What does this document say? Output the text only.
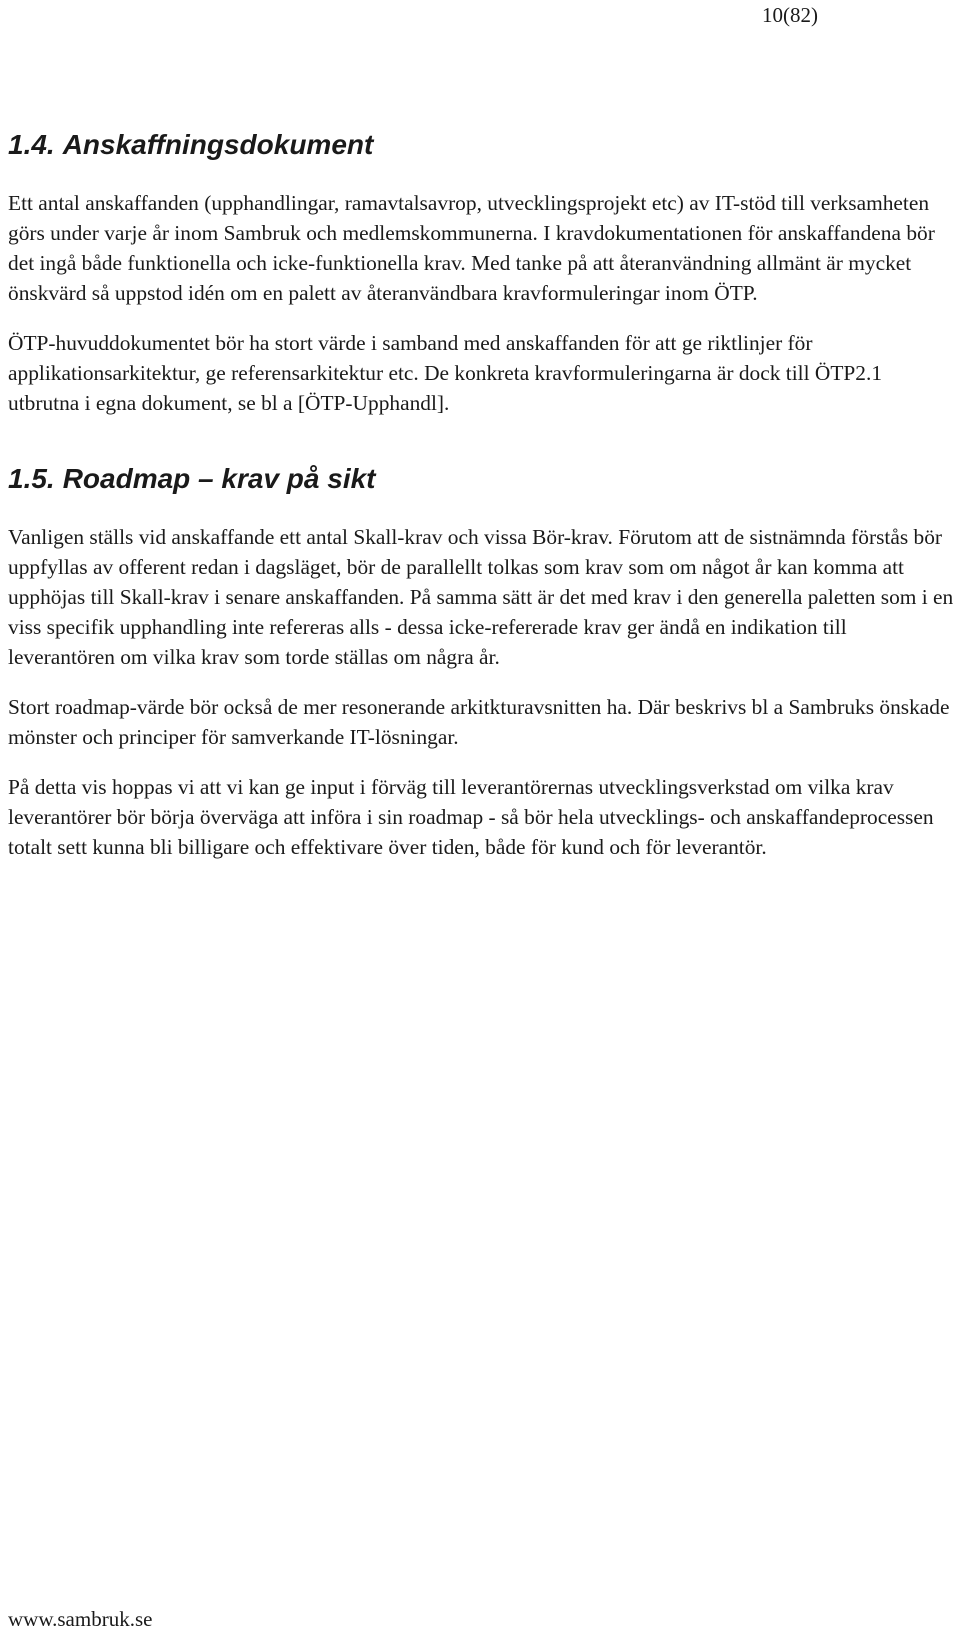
10(82)
1.4. Anskaffningsdokument

Ett antal anskaffanden (upphandlingar, ramavtalsavrop, utvecklingsprojekt etc) av IT-stöd till verksamheten görs under varje år inom Sambruk och medlemskommunerna. I kravdokumentationen för anskaffandena bör det ingå både funktionella och icke-funktionella krav. Med tanke på att återanvändning allmänt är mycket önskvärd så uppstod idén om en palett av återanvändbara kravformuleringar inom ÖTP.

ÖTP-huvuddokumentet bör ha stort värde i samband med anskaffanden för att ge riktlinjer för applikationsarkitektur, ge referensarkitektur etc. De konkreta kravformuleringarna är dock till ÖTP2.1 utbrutna i egna dokument, se bl a [ÖTP-Upphandl].

1.5. Roadmap – krav på sikt

Vanligen ställs vid anskaffande ett antal Skall-krav och vissa Bör-krav. Förutom att de sistnämnda förstås bör uppfyllas av offerent redan i dagsläget, bör de parallellt tolkas som krav som om något år kan komma att upphöjas till Skall-krav i senare anskaffanden. På samma sätt är det med krav i den generella paletten som i en viss specifik upphandling inte refereras alls - dessa icke-refererade krav ger ändå en indikation till leverantören om vilka krav som torde ställas om några år.

Stort roadmap-värde bör också de mer resonerande arkitkturavsnitten ha. Där beskrivs bl a Sambruks önskade mönster och principer för samverkande IT-lösningar.

På detta vis hoppas vi att vi kan ge input i förväg till leverantörernas utvecklingsverkstad om vilka krav leverantörer bör börja överväga att införa i sin roadmap - så bör hela utvecklings- och anskaffandeprocessen totalt sett kunna bli billigare och effektivare över tiden, både för kund och för leverantör.

www.sambruk.se
